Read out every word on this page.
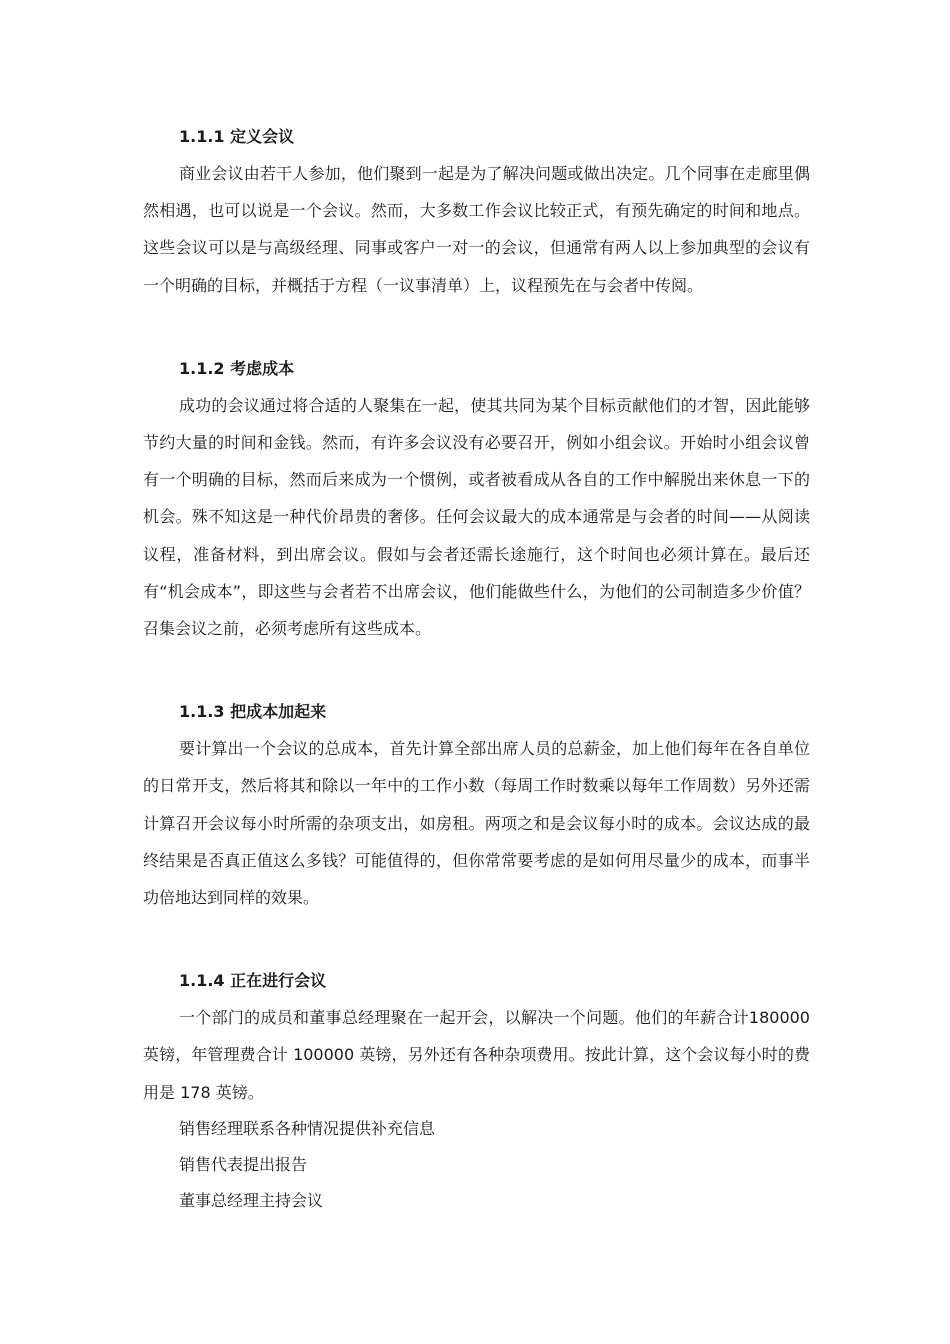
1.1.1 定义会议

商业会议由若干人参加，他们聚到一起是为了解决问题或做出决定。几个同事在走廊里偶然相遇，也可以说是一个会议。然而，大多数工作会议比较正式，有预先确定的时间和地点。这些会议可以是与高级经理、同事或客户一对一的会议，但通常有两人以上参加典型的会议有一个明确的目标，并概括于方程（一议事清单）上，议程预先在与会者中传阅。

1.1.2 考虑成本

成功的会议通过将合适的人聚集在一起，使其共同为某个目标贡献他们的才智，因此能够节约大量的时间和金钱。然而，有许多会议没有必要召开，例如小组会议。开始时小组会议曾有一个明确的目标，然而后来成为一个惯例，或者被看成从各自的工作中解脱出来休息一下的机会。殊不知这是一种代价昂贵的奢侈。任何会议最大的成本通常是与会者的时间——从阅读议程，准备材料，到出席会议。假如与会者还需长途施行，这个时间也必须计算在。最后还有“机会成本”，即这些与会者若不出席会议，他们能做些什么，为他们的公司制造多少价值？召集会议之前，必须考虑所有这些成本。

1.1.3 把成本加起来

要计算出一个会议的总成本，首先计算全部出席人员的总薪金，加上他们每年在各自单位的日常开支，然后将其和除以一年中的工作小数（每周工作时数乘以每年工作周数）另外还需计算召开会议每小时所需的杂项支出，如房租。两项之和是会议每小时的成本。会议达成的最终结果是否真正值这么多钱？可能值得的，但你常常要考虑的是如何用尽量少的成本，而事半功倍地达到同样的效果。

1.1.4 正在进行会议

一个部门的成员和董事总经理聚在一起开会，以解决一个问题。他们的年薪合计180000 英镑，年管理费合计 100000 英镑，另外还有各种杂项费用。按此计算，这个会议每小时的费用是 178 英镑。

销售经理联系各种情况提供补充信息

销售代表提出报告

董事总经理主持会议
